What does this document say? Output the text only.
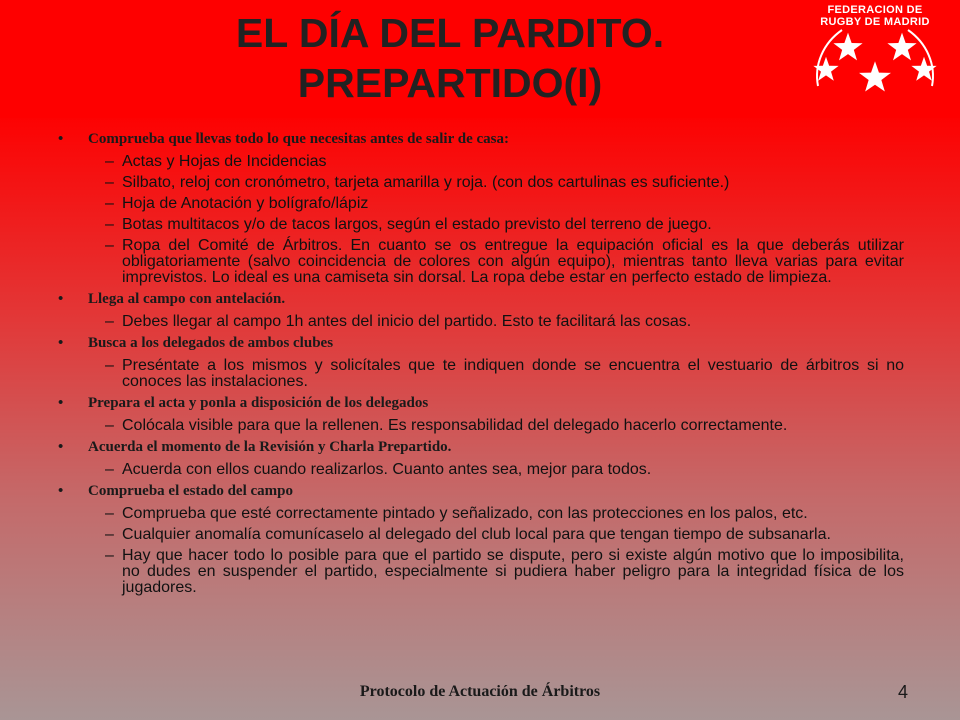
EL DÍA DEL PARDITO.
PREPARTIDO(I)
FEDERACION DE
RUGBY DE MADRID
• Comprueba que llevas todo lo que necesitas antes de salir de casa:
– Actas y Hojas de Incidencias
– Silbato, reloj con cronómetro, tarjeta amarilla y roja. (con dos cartulinas es suficiente.)
– Hoja de Anotación y bolígrafo/lápiz
– Botas multitacos y/o de tacos largos, según el estado previsto del terreno de juego.
– Ropa del Comité de Árbitros. En cuanto se os entregue la equipación oficial es la que deberás utilizar obligatoriamente (salvo coincidencia de colores con algún equipo), mientras tanto lleva varias para evitar imprevistos. Lo ideal es una camiseta sin dorsal. La ropa debe estar en perfecto estado de limpieza.
• Llega al campo con antelación.
– Debes llegar al campo 1h antes del inicio del partido. Esto te facilitará las cosas.
• Busca a los delegados de ambos clubes
– Preséntate a los mismos y solicítales que te indiquen donde se encuentra el vestuario de árbitros si no conoces las instalaciones.
• Prepara el acta y ponla a disposición de los delegados
– Colócala visible para que la rellenen. Es responsabilidad del delegado hacerlo correctamente.
• Acuerda el momento de la Revisión y Charla Prepartido.
– Acuerda con ellos cuando realizarlos. Cuanto antes sea, mejor para todos.
• Comprueba el estado del campo
– Comprueba que esté correctamente pintado y señalizado, con las protecciones en los palos, etc.
– Cualquier anomalía comunícaselo al delegado del club local para que tengan tiempo de subsanarla.
– Hay que hacer todo lo posible para que el partido se dispute, pero si existe algún motivo que lo imposibilita, no dudes en suspender el partido, especialmente si pudiera haber peligro para la integridad física de los jugadores.
Protocolo de Actuación de Árbitros	4
